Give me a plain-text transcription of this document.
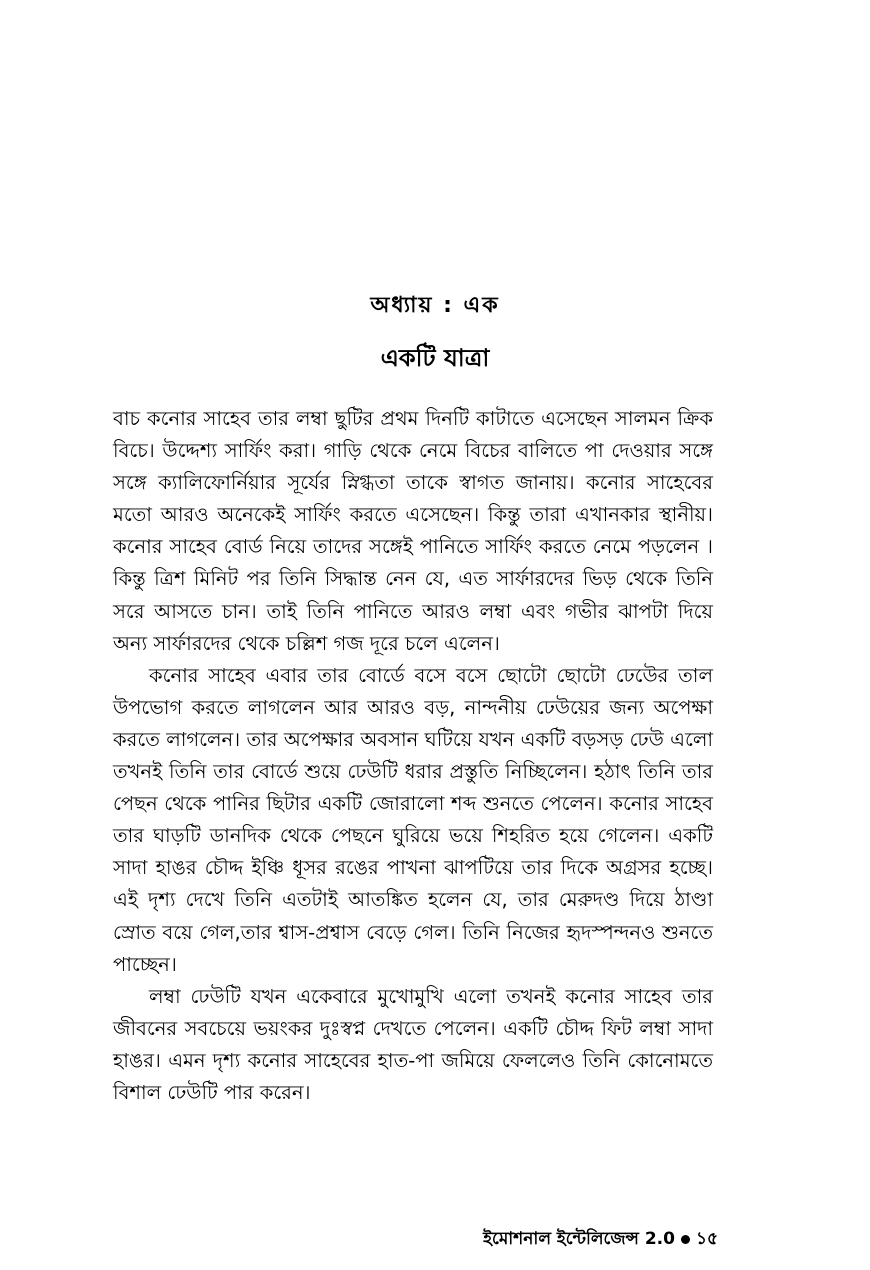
অধ্যায় : এক
একটি যাত্রা

বাচ কনোর সাহেব তার লম্বা ছুটির প্রথম দিনটি কাটাতে এসেছেন সালমন ক্রিক বিচে। উদ্দেশ্য সার্ফিং করা। গাড়ি থেকে নেমে বিচের বালিতে পা দেওয়ার সঙ্গে সঙ্গে ক্যালিফোর্নিয়ার সূর্যের স্নিগ্ধতা তাকে স্বাগত জানায়। কনোর সাহেবের মতো আরও অনেকেই সার্ফিং করতে এসেছেন। কিন্তু তারা এখানকার স্থানীয়। কনোর সাহেব বোর্ড নিয়ে তাদের সঙ্গেই পানিতে সার্ফিং করতে নেমে পড়লেন । কিন্তু ত্রিশ মিনিট পর তিনি সিদ্ধান্ত নেন যে, এত সার্ফারদের ভিড় থেকে তিনি সরে আসতে চান। তাই তিনি পানিতে আরও লম্বা এবং গভীর ঝাপটা দিয়ে অন্য সার্ফারদের থেকে চল্লিশ গজ দূরে চলে এলেন।

কনোর সাহেব এবার তার বোর্ডে বসে বসে ছোটো ছোটো ঢেউের তাল উপভোগ করতে লাগলেন আর আরও বড়, নান্দনীয় ঢেউয়ের জন্য অপেক্ষা করতে লাগলেন। তার অপেক্ষার অবসান ঘটিয়ে যখন একটি বড়সড় ঢেউ এলো তখনই তিনি তার বোর্ডে শুয়ে ঢেউটি ধরার প্রস্তুতি নিচ্ছিলেন। হঠাৎ তিনি তার পেছন থেকে পানির ছিটার একটি জোরালো শব্দ শুনতে পেলেন। কনোর সাহেব তার ঘাড়টি ডানদিক থেকে পেছনে ঘুরিয়ে ভয়ে শিহরিত হয়ে গেলেন। একটি সাদা হাঙর চৌদ্দ ইঞ্চি ধূসর রঙের পাখনা ঝাপটিয়ে তার দিকে অগ্রসর হচ্ছে। এই দৃশ্য দেখে তিনি এতটাই আতঙ্কিত হলেন যে, তার মেরুদণ্ড দিয়ে ঠাণ্ডা স্রোত বয়ে গেল,তার শ্বাস-প্রশ্বাস বেড়ে গেল। তিনি নিজের হৃদস্পন্দনও শুনতে পাচ্ছেন।

লম্বা ঢেউটি যখন একেবারে মুখোমুখি এলো তখনই কনোর সাহেব তার জীবনের সবচেয়ে ভয়ংকর দুঃস্বপ্ন দেখতে পেলেন। একটি চৌদ্দ ফিট লম্বা সাদা হাঙর। এমন দৃশ্য কনোর সাহেবের হাত-পা জমিয়ে ফেললেও তিনি কোনোমতে বিশাল ঢেউটি পার করেন।

ইমোশনাল ইন্টেলিজেন্স 2.0 ১৫
